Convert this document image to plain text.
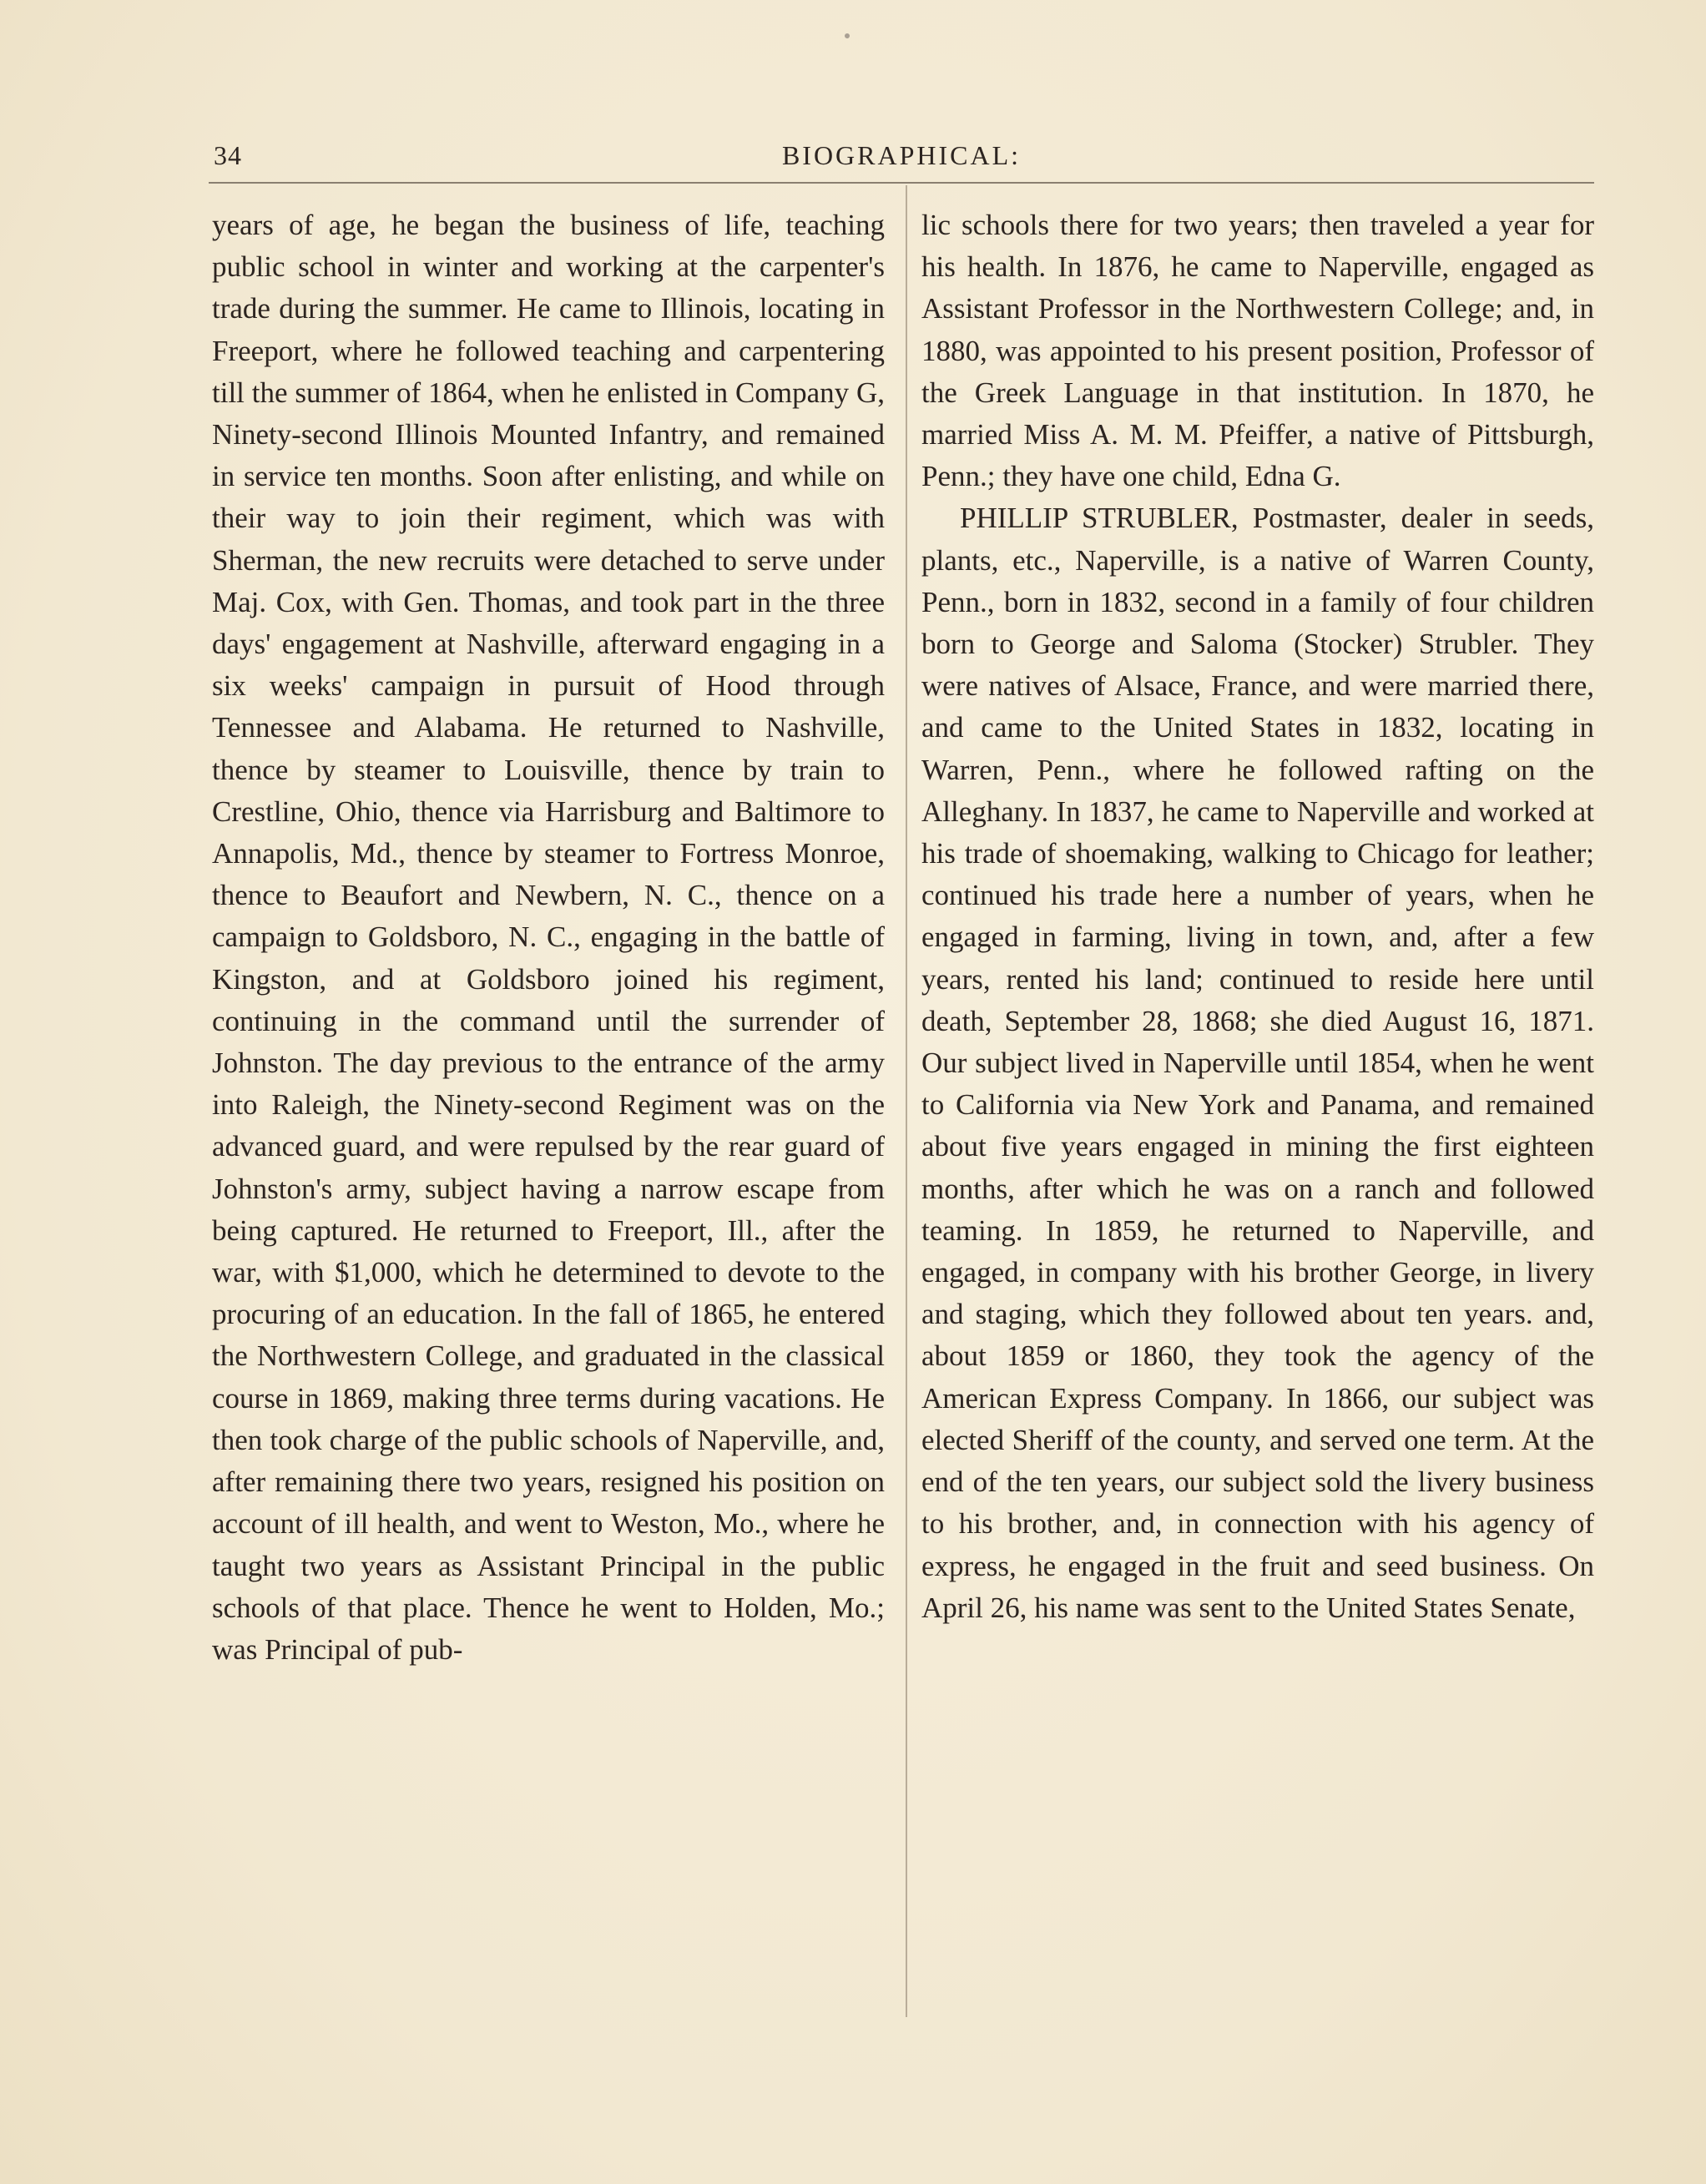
34	BIOGRAPHICAL:

years of age, he began the business of life, teaching public school in winter and working at the carpenter's trade during the summer. He came to Illinois, locating in Freeport, where he followed teaching and carpentering till the summer of 1864, when he enlisted in Company G, Ninety-second Illinois Mounted Infantry, and remained in service ten months. Soon after enlisting, and while on their way to join their regiment, which was with Sherman, the new recruits were detached to serve under Maj. Cox, with Gen. Thomas, and took part in the three days' engagement at Nashville, afterward engaging in a six weeks' campaign in pursuit of Hood through Tennessee and Alabama. He returned to Nashville, thence by steamer to Louisville, thence by train to Crestline, Ohio, thence via Harrisburg and Baltimore to Annapolis, Md., thence by steamer to Fortress Monroe, thence to Beaufort and Newbern, N. C., thence on a campaign to Goldsboro, N. C., engaging in the battle of Kingston, and at Goldsboro joined his regiment, continuing in the command until the surrender of Johnston. The day previous to the entrance of the army into Raleigh, the Ninety-second Regiment was on the advanced guard, and were repulsed by the rear guard of Johnston's army, subject having a narrow escape from being captured. He returned to Freeport, Ill., after the war, with $1,000, which he determined to devote to the procuring of an education. In the fall of 1865, he entered the Northwestern College, and graduated in the classical course in 1869, making three terms during vacations. He then took charge of the public schools of Naperville, and, after remaining there two years, resigned his position on account of ill health, and went to Weston, Mo., where he taught two years as Assistant Principal in the public schools of that place. Thence he went to Holden, Mo.; was Principal of pub-

lic schools there for two years; then traveled a year for his health. In 1876, he came to Naperville, engaged as Assistant Professor in the Northwestern College; and, in 1880, was appointed to his present position, Professor of the Greek Language in that institution. In 1870, he married Miss A. M. M. Pfeiffer, a native of Pittsburgh, Penn.; they have one child, Edna G.

PHILLIP STRUBLER, Postmaster, dealer in seeds, plants, etc., Naperville, is a native of Warren County, Penn., born in 1832, second in a family of four children born to George and Saloma (Stocker) Strubler. They were natives of Alsace, France, and were married there, and came to the United States in 1832, locating in Warren, Penn., where he followed rafting on the Alleghany. In 1837, he came to Naperville and worked at his trade of shoemaking, walking to Chicago for leather; continued his trade here a number of years, when he engaged in farming, living in town, and, after a few years, rented his land; continued to reside here until death, September 28, 1868; she died August 16, 1871. Our subject lived in Naperville until 1854, when he went to California via New York and Panama, and remained about five years engaged in mining the first eighteen months, after which he was on a ranch and followed teaming. In 1859, he returned to Naperville, and engaged, in company with his brother George, in livery and staging, which they followed about ten years. and, about 1859 or 1860, they took the agency of the American Express Company. In 1866, our subject was elected Sheriff of the county, and served one term. At the end of the ten years, our subject sold the livery business to his brother, and, in connection with his agency of express, he engaged in the fruit and seed business. On April 26, his name was sent to the United States Senate,
